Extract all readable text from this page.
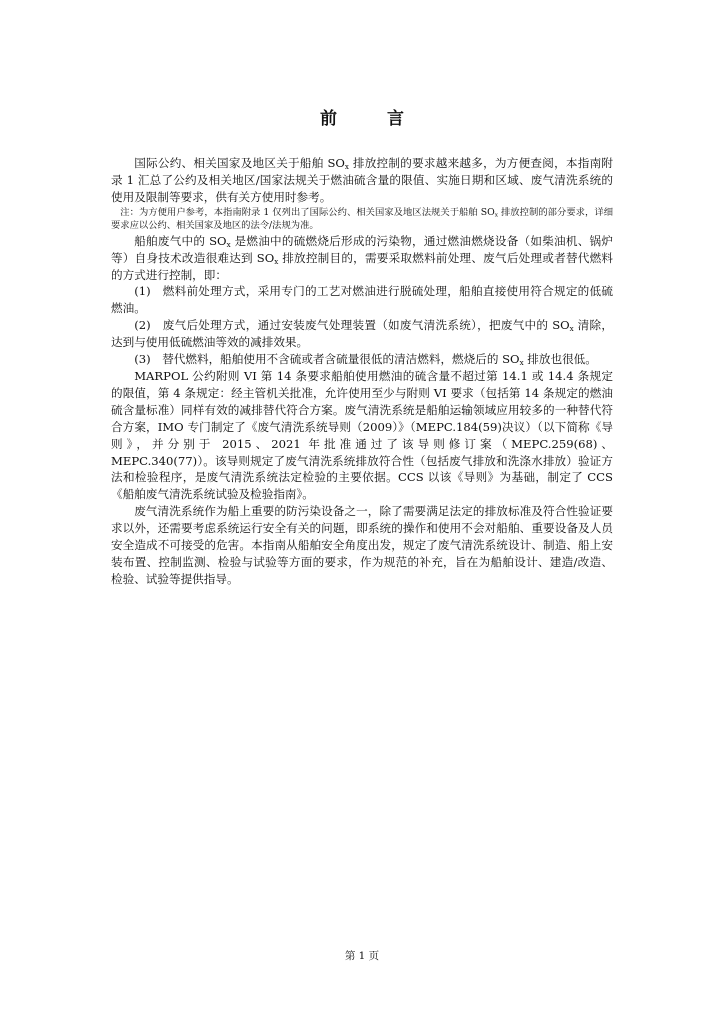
前 言

国际公约、相关国家及地区关于船舶 $SO_x$ 排放控制的要求越来越多，为方便查阅，本指南附录 1 汇总了公约及相关地区/国家法规关于燃油硫含量的限值、实施日期和区域、废气清洗系统的使用及限制等要求，供有关方使用时参考。

注：为方便用户参考，本指南附录 1 仅列出了国际公约、相关国家及地区法规关于船舶 $SO_x$ 排放控制的部分要求，详细要求应以公约、相关国家及地区的法令/法规为准。

船舶废气中的 $SO_x$ 是燃油中的硫燃烧后形成的污染物，通过燃油燃烧设备（如柴油机、锅炉等）自身技术改造很难达到 $SO_x$ 排放控制目的，需要采取燃料前处理、废气后处理或者替代燃料的方式进行控制，即：

(1)　燃料前处理方式，采用专门的工艺对燃油进行脱硫处理，船舶直接使用符合规定的低硫燃油。

(2)　废气后处理方式，通过安装废气处理装置（如废气清洗系统），把废气中的 $SO_x$ 清除，达到与使用低硫燃油等效的减排效果。

(3)　替代燃料，船舶使用不含硫或者含硫量很低的清洁燃料，燃烧后的 $SO_x$ 排放也很低。

MARPOL 公约附则 VI 第 14 条要求船舶使用燃油的硫含量不超过第 14.1 或 14.4 条规定的限值，第 4 条规定：经主管机关批准，允许使用至少与附则 VI 要求（包括第 14 条规定的燃油硫含量标准）同样有效的减排替代符合方案。废气清洗系统是船舶运输领域应用较多的一种替代符合方案，IMO 专门制定了《废气清洗系统导则（2009）》（MEPC.184(59)决议）（以下简称《导则》，并分别于 2015、2021 年批准通过了该导则修订案（MEPC.259(68)、MEPC.340(77)）。该导则规定了废气清洗系统排放符合性（包括废气排放和洗涤水排放）验证方法和检验程序，是废气清洗系统法定检验的主要依据。CCS 以该《导则》为基础，制定了 CCS《船舶废气清洗系统试验及检验指南》。

废气清洗系统作为船上重要的防污染设备之一，除了需要满足法定的排放标准及符合性验证要求以外，还需要考虑系统运行安全有关的问题，即系统的操作和使用不会对船舶、重要设备及人员安全造成不可接受的危害。本指南从船舶安全角度出发，规定了废气清洗系统设计、制造、船上安装布置、控制监测、检验与试验等方面的要求，作为规范的补充，旨在为船舶设计、建造/改造、检验、试验等提供指导。

第 1 页
